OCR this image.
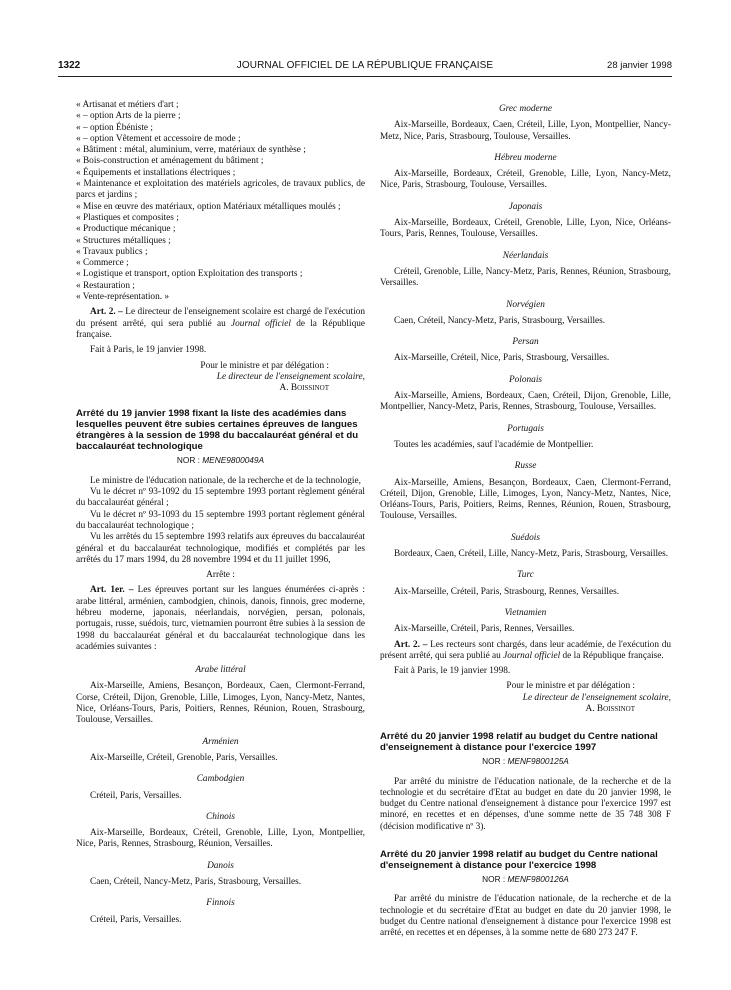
1322	JOURNAL OFFICIEL DE LA RÉPUBLIQUE FRANÇAISE	28 janvier 1998

« Artisanat et métiers d'art ;

« – option Arts de la pierre ;

« – option Ébéniste ;

« – option Vêtement et accessoire de mode ;

« Bâtiment : métal, aluminium, verre, matériaux de synthèse ;

« Bois-construction et aménagement du bâtiment ;

« Équipements et installations électriques ;

« Maintenance et exploitation des matériels agricoles, de travaux publics, de parcs et jardins ;

« Mise en œuvre des matériaux, option Matériaux métalliques moulés ;

« Plastiques et composites ;

« Productique mécanique ;

« Structures métalliques ;

« Travaux publics ;

« Commerce ;

« Logistique et transport, option Exploitation des transports ;

« Restauration ;

« Vente-représentation. »

Art. 2. – Le directeur de l'enseignement scolaire est chargé de l'exécution du présent arrêté, qui sera publié au Journal officiel de la République française.

Fait à Paris, le 19 janvier 1998.

Pour le ministre et par délégation :

Le directeur de l'enseignement scolaire,

A. Boissinot

Arrêté du 19 janvier 1998 fixant la liste des académies dans lesquelles peuvent être subies certaines épreuves de langues étrangères à la session de 1998 du baccalauréat général et du baccalauréat technologique

NOR : MENE9800049A

Le ministre de l'éducation nationale, de la recherche et de la technologie,

Vu le décret nº 93-1092 du 15 septembre 1993 portant règlement général du baccalauréat général ;

Vu le décret nº 93-1093 du 15 septembre 1993 portant règlement général du baccalauréat technologique ;

Vu les arrêtés du 15 septembre 1993 relatifs aux épreuves du baccalauréat général et du baccalauréat technologique, modifiés et complétés par les arrêtés du 17 mars 1994, du 28 novembre 1994 et du 11 juillet 1996,

Arrête :

Art. 1er. – Les épreuves portant sur les langues énumérées ci-après : arabe littéral, arménien, cambodgien, chinois, danois, finnois, grec moderne, hébreu moderne, japonais, néerlandais, norvégien, persan, polonais, portugais, russe, suédois, turc, vietnamien pourront être subies à la session de 1998 du baccalauréat général et du baccalauréat technologique dans les académies suivantes :

Arabe littéral

Aix-Marseille, Amiens, Besançon, Bordeaux, Caen, Clermont-Ferrand, Corse, Créteil, Dijon, Grenoble, Lille, Limoges, Lyon, Nancy-Metz, Nantes, Nice, Orléans-Tours, Paris, Poitiers, Rennes, Réunion, Rouen, Strasbourg, Toulouse, Versailles.

Arménien

Aix-Marseille, Créteil, Grenoble, Paris, Versailles.

Cambodgien

Créteil, Paris, Versailles.

Chinois

Aix-Marseille, Bordeaux, Créteil, Grenoble, Lille, Lyon, Montpellier, Nice, Paris, Rennes, Strasbourg, Réunion, Versailles.

Danois

Caen, Créteil, Nancy-Metz, Paris, Strasbourg, Versailles.

Finnois

Créteil, Paris, Versailles.

Grec moderne

Aix-Marseille, Bordeaux, Caen, Créteil, Lille, Lyon, Montpellier, Nancy-Metz, Nice, Paris, Strasbourg, Toulouse, Versailles.

Hébreu moderne

Aix-Marseille, Bordeaux, Créteil, Grenoble, Lille, Lyon, Nancy-Metz, Nice, Paris, Strasbourg, Toulouse, Versailles.

Japonais

Aix-Marseille, Bordeaux, Créteil, Grenoble, Lille, Lyon, Nice, Orléans-Tours, Paris, Rennes, Toulouse, Versailles.

Néerlandais

Créteil, Grenoble, Lille, Nancy-Metz, Paris, Rennes, Réunion, Strasbourg, Versailles.

Norvégien

Caen, Créteil, Nancy-Metz, Paris, Strasbourg, Versailles.

Persan

Aix-Marseille, Créteil, Nice, Paris, Strasbourg, Versailles.

Polonais

Aix-Marseille, Amiens, Bordeaux, Caen, Créteil, Dijon, Grenoble, Lille, Montpellier, Nancy-Metz, Paris, Rennes, Strasbourg, Toulouse, Versailles.

Portugais

Toutes les académies, sauf l'académie de Montpellier.

Russe

Aix-Marseille, Amiens, Besançon, Bordeaux, Caen, Clermont-Ferrand, Créteil, Dijon, Grenoble, Lille, Limoges, Lyon, Nancy-Metz, Nantes, Nice, Orléans-Tours, Paris, Poitiers, Reims, Rennes, Réunion, Rouen, Strasbourg, Toulouse, Versailles.

Suédois

Bordeaux, Caen, Créteil, Lille, Nancy-Metz, Paris, Strasbourg, Versailles.

Turc

Aix-Marseille, Créteil, Paris, Strasbourg, Rennes, Versailles.

Vietnamien

Aix-Marseille, Créteil, Paris, Rennes, Versailles.

Art. 2. – Les recteurs sont chargés, dans leur académie, de l'exécution du présent arrêté, qui sera publié au Journal officiel de la République française.

Fait à Paris, le 19 janvier 1998.

Pour le ministre et par délégation :

Le directeur de l'enseignement scolaire,

A. Boissinot

Arrêté du 20 janvier 1998 relatif au budget du Centre national d'enseignement à distance pour l'exercice 1997

NOR : MENF9800125A

Par arrêté du ministre de l'éducation nationale, de la recherche et de la technologie et du secrétaire d'Etat au budget en date du 20 janvier 1998, le budget du Centre national d'enseignement à distance pour l'exercice 1997 est minoré, en recettes et en dépenses, d'une somme nette de 35 748 308 F (décision modificative nº 3).

Arrêté du 20 janvier 1998 relatif au budget du Centre national d'enseignement à distance pour l'exercice 1998

NOR : MENF9800126A

Par arrêté du ministre de l'éducation nationale, de la recherche et de la technologie et du secrétaire d'Etat au budget en date du 20 janvier 1998, le budget du Centre national d'enseignement à distance pour l'exercice 1998 est arrêté, en recettes et en dépenses, à la somme nette de 680 273 247 F.
